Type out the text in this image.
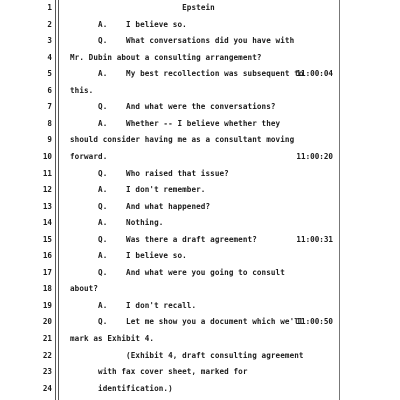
1	Epstein
2 A.    I believe so.
3 Q.    What conversations did you have with
4 Mr. Dubin about a consulting arrangement?
5 A.    My best recollection was subsequent to
11:00:04
6 this.
7 Q.    And what were the conversations?
8 A.    Whether -- I believe whether they
9 should consider having me as a consultant moving
10 forward.	11:00:20
11 Q.    Who raised that issue?
12 A.    I don't remember.
13 Q.    And what happened?
14 A.    Nothing.
15 Q.    Was there a draft agreement?	11:00:31
16 A.    I believe so.
17 Q.    And what were you going to consult
18 about?
19 A.    I don't recall.
20 Q.    Let me show you a document which we'll
11:00:50
21 mark as Exhibit 4.
22 (Exhibit 4, draft consulting agreement
23 with fax cover sheet, marked for
24 identification.)
